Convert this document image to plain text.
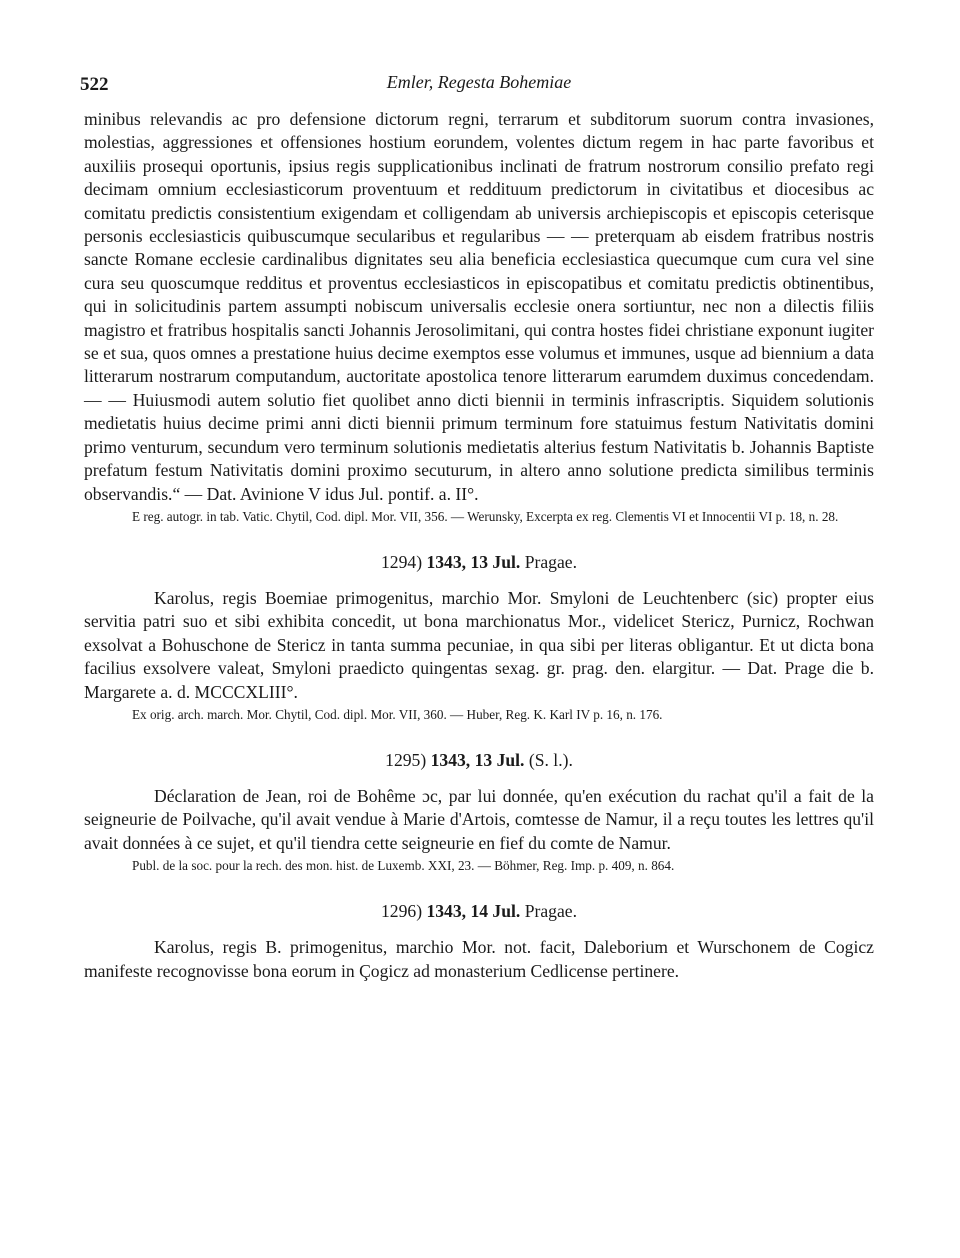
522	Emler, Regesta Bohemiae

minibus relevandis ac pro defensione dictorum regni, terrarum et subditorum suorum contra invasiones, molestias, aggressiones et offensiones hostium eorundem, volentes dictum regem in hac parte favoribus et auxiliis prosequi oportunis, ipsius regis supplicationibus inclinati de fratrum nostrorum consilio prefato regi decimam omnium ecclesiasticorum proventuum et reddituum predictorum in civitatibus et diocesibus ac comitatu predictis consistentium exigendam et colligendam ab universis archiepiscopis et episcopis ceterisque personis ecclesiasticis quibuscumque secularibus et regularibus — — preterquam ab eisdem fratribus nostris sancte Romane ecclesie cardinalibus dignitates seu alia beneficia ecclesiastica quecumque cum cura vel sine cura seu quoscumque redditus et proventus ecclesiasticos in episcopatibus et comitatu predictis obtinentibus, qui in solicitudinis partem assumpti nobiscum universalis ecclesie onera sortiuntur, nec non a dilectis filiis magistro et fratribus hospitalis sancti Johannis Jerosolimitani, qui contra hostes fidei christiane exponunt iugiter se et sua, quos omnes a prestatione huius decime exemptos esse volumus et immunes, usque ad biennium a data litterarum nostrarum computandum, auctoritate apostolica tenore litterarum earumdem duximus concedendam. — — Huiusmodi autem solutio fiet quolibet anno dicti biennii in terminis infrascriptis. Siquidem solutionis medietatis huius decime primi anni dicti biennii primum terminum fore statuimus festum Nativitatis domini primo venturum, secundum vero terminum solutionis medietatis alterius festum Nativitatis b. Johannis Baptiste prefatum festum Nativitatis domini proximo secuturum, in altero anno solutione predicta similibus terminis observandis.“ — Dat. Avinione V idus Jul. pontif. a. II°.

E reg. autogr. in tab. Vatic. Chytil, Cod. dipl. Mor. VII, 356. — Werunsky, Excerpta ex reg. Clementis VI et Innocentii VI p. 18, n. 28.

1294) 1343, 13 Jul. Pragae.

Karolus, regis Boemiae primogenitus, marchio Mor. Smyloni de Leuchtenberc (sic) propter eius servitia patri suo et sibi exhibita concedit, ut bona marchionatus Mor., videlicet Stericz, Purnicz, Rochwan exsolvat a Bohuschone de Stericz in tanta summa pecuniae, in qua sibi per literas obligantur. Et ut dicta bona facilius exsolvere valeat, Smyloni praedicto quingentas sexag. gr. prag. den. elargitur. — Dat. Prage die b. Margarete a. d. MCCCXLIII°.

Ex orig. arch. march. Mor. Chytil, Cod. dipl. Mor. VII, 360. — Huber, Reg. K. Karl IV p. 16, n. 176.

1295) 1343, 13 Jul. (S. l.).

Déclaration de Jean, roi de Bohême ɔc, par lui donnée, qu'en exécution du rachat qu'il a fait de la seigneurie de Poilvache, qu'il avait vendue à Marie d'Artois, comtesse de Namur, il a reçu toutes les lettres qu'il avait données à ce sujet, et qu'il tiendra cette seigneurie en fief du comte de Namur.

Publ. de la soc. pour la rech. des mon. hist. de Luxemb. XXI, 23. — Böhmer, Reg. Imp. p. 409, n. 864.

1296) 1343, 14 Jul. Pragae.

Karolus, regis B. primogenitus, marchio Mor. not. facit, Daleborium et Wurschonem de Cogicz manifeste recognovisse bona eorum in Çogicz ad monasterium Cedlicense pertinere.
